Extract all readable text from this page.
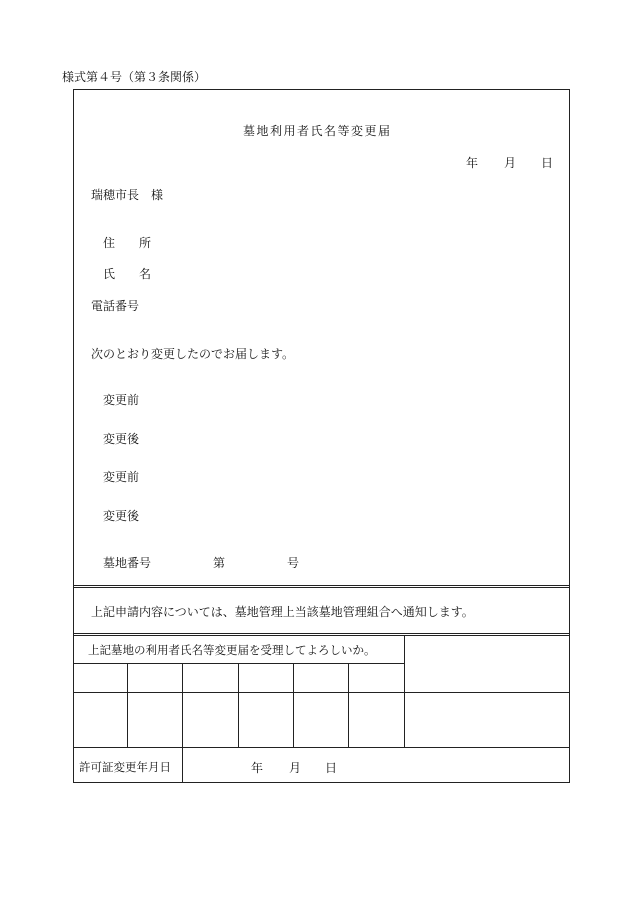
様式第４号（第３条関係）
墓地利用者氏名等変更届
年 月 日
瑞穂市長　様
住　　所
氏　　名
電話番号
次のとおり変更したのでお届します。
変更前
変更後
変更前
変更後
墓地番号	第	号
上記申請内容については、墓地管理上当該墓地管理組合へ通知します。
上記墓地の利用者氏名等変更届を受理してよろしいか。
許可証変更年月日	年 月 日
